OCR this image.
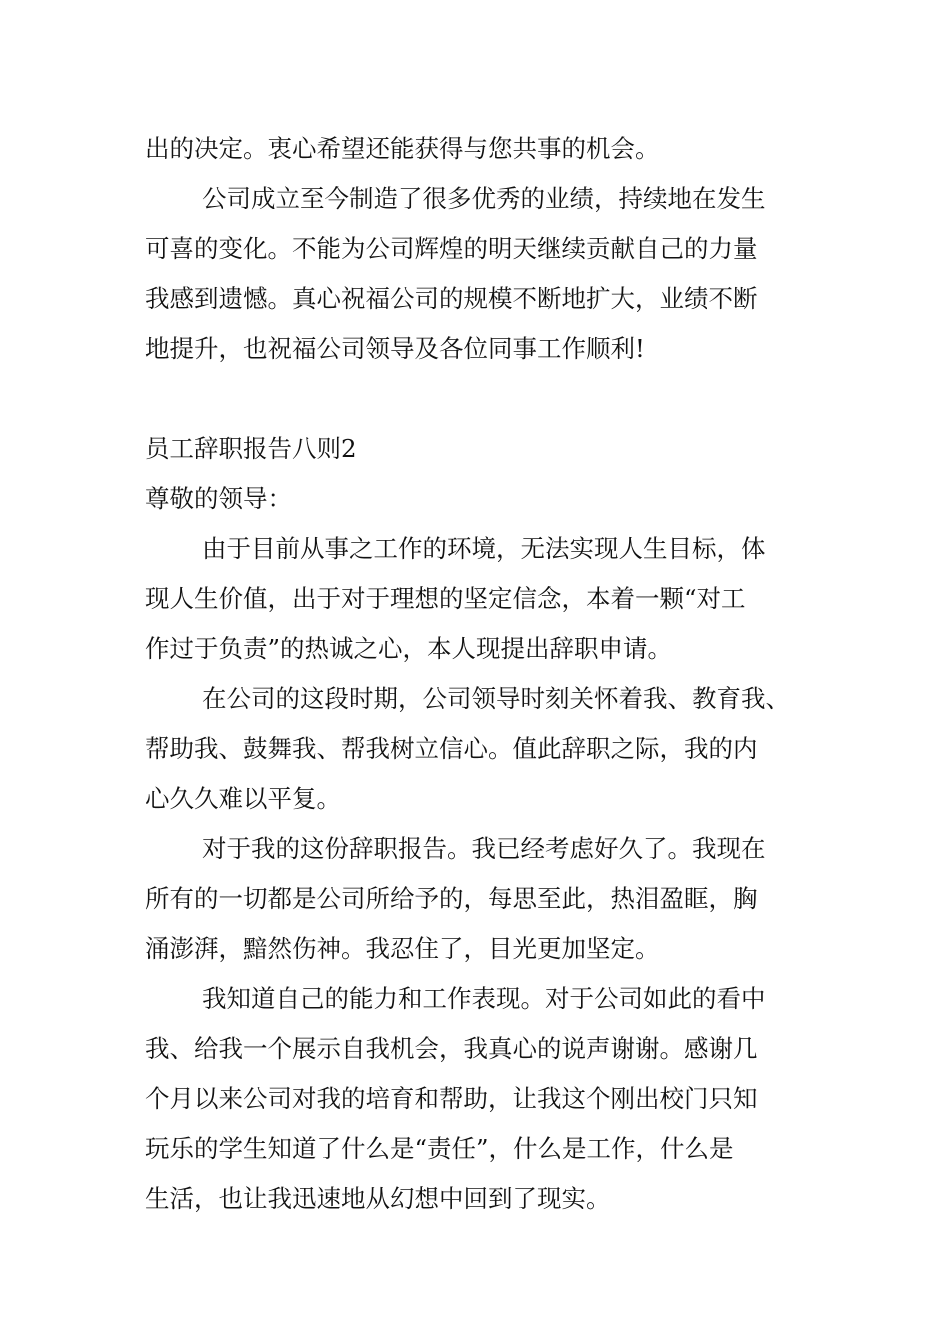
出的决定。衷心希望还能获得与您共事的机会。
公司成立至今制造了很多优秀的业绩，持续地在发生
可喜的变化。不能为公司辉煌的明天继续贡献自己的力量
我感到遗憾。真心祝福公司的规模不断地扩大，业绩不断
地提升，也祝福公司领导及各位同事工作顺利!
员工辞职报告八则2
尊敬的领导：
由于目前从事之工作的环境，无法实现人生目标，体
现人生价值，出于对于理想的坚定信念，本着一颗“对工
作过于负责”的热诚之心，本人现提出辞职申请。
在公司的这段时期，公司领导时刻关怀着我、教育我、
帮助我、鼓舞我、帮我树立信心。值此辞职之际，我的内
心久久难以平复。
对于我的这份辞职报告。我已经考虑好久了。我现在
所有的一切都是公司所给予的，每思至此，热泪盈眶，胸
涌澎湃，黯然伤神。我忍住了，目光更加坚定。
我知道自己的能力和工作表现。对于公司如此的看中
我、给我一个展示自我机会，我真心的说声谢谢。感谢几
个月以来公司对我的培育和帮助，让我这个刚出校门只知
玩乐的学生知道了什么是“责任”，什么是工作，什么是
生活，也让我迅速地从幻想中回到了现实。
